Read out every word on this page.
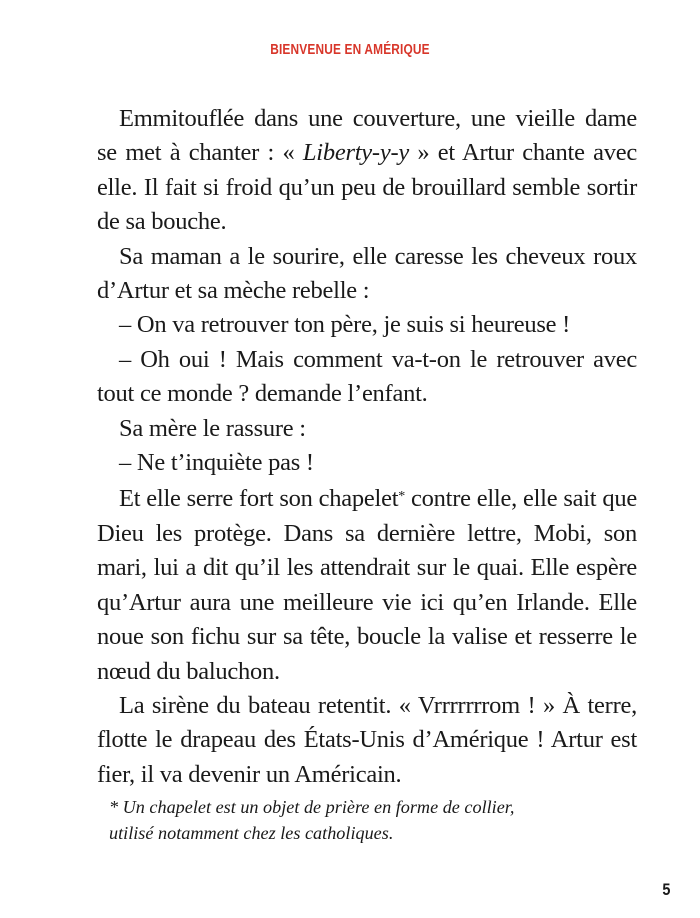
BIENVENUE EN AMÉRIQUE

Emmitouflée dans une couverture, une vieille dame se met à chanter : « Liberty-y-y » et Artur chante avec elle. Il fait si froid qu’un peu de brouillard semble sortir de sa bouche.

Sa maman a le sourire, elle caresse les cheveux roux d’Artur et sa mèche rebelle :

– On va retrouver ton père, je suis si heureuse !

– Oh oui ! Mais comment va-t-on le retrouver avec tout ce monde ? demande l’enfant.

Sa mère le rassure :

– Ne t’inquiète pas !

Et elle serre fort son chapelet* contre elle, elle sait que Dieu les protège. Dans sa dernière lettre, Mobi, son mari, lui a dit qu’il les attendrait sur le quai. Elle espère qu’Artur aura une meilleure vie ici qu’en Irlande. Elle noue son fichu sur sa tête, boucle la valise et resserre le nœud du baluchon.

La sirène du bateau retentit. « Vrrrrrrrom ! » À terre, flotte le drapeau des États-Unis d’Amérique ! Artur est fier, il va devenir un Américain.

* Un chapelet est un objet de prière en forme de collier,

utilisé notamment chez les catholiques.

5
